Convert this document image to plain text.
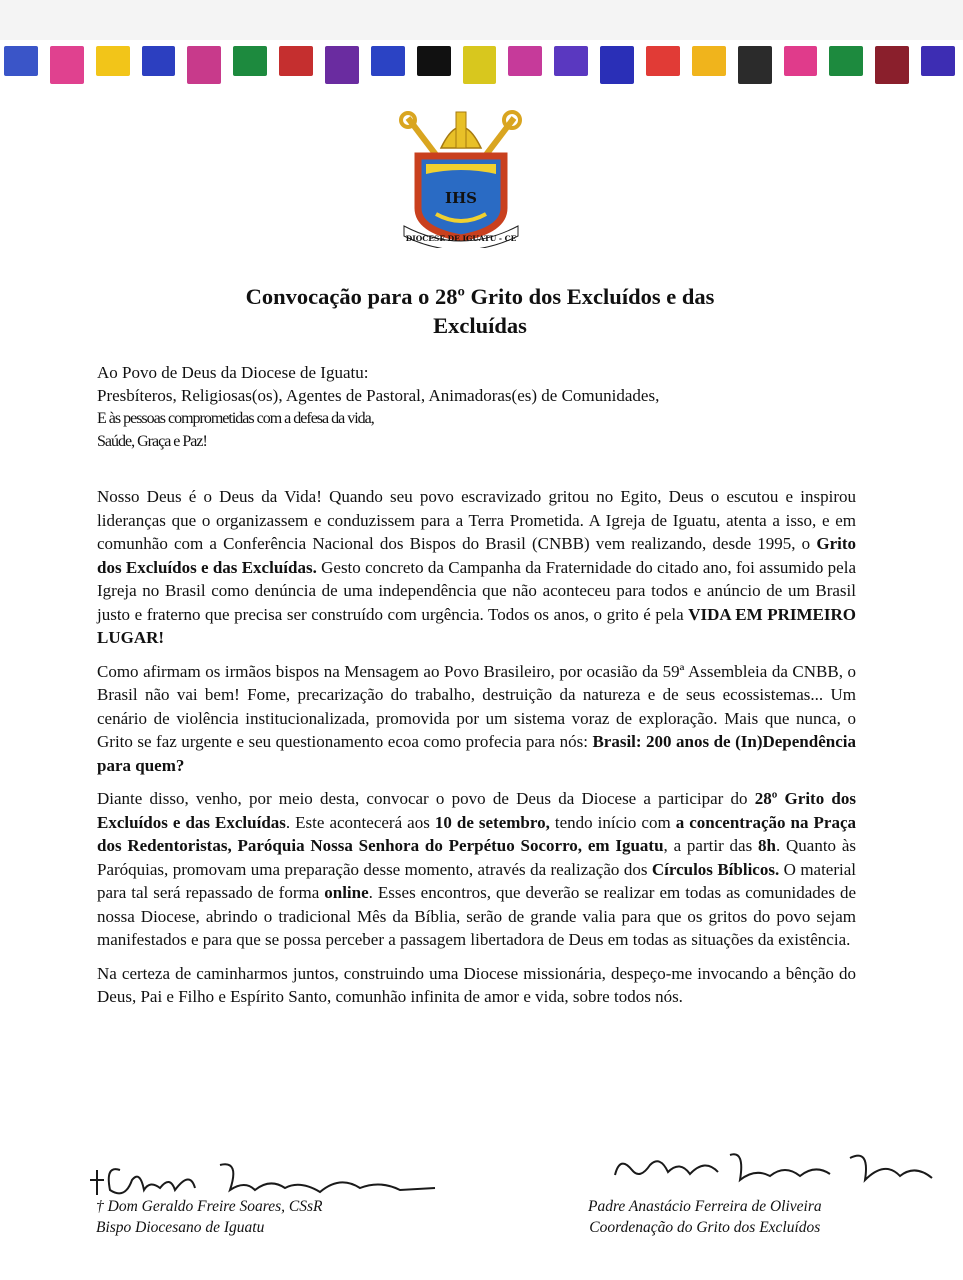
IHS
DIOCESE DE IGUATU - CE
Convocação para o 28º Grito dos Excluídos e das
Excluídas
Ao Povo de Deus da Diocese de Iguatu:
Presbíteros, Religiosas(os), Agentes de Pastoral, Animadoras(es) de Comunidades,
E às pessoas comprometidas com a defesa da vida,
Saúde, Graça e Paz!

Nosso Deus é o Deus da Vida! Quando seu povo escravizado gritou no Egito, Deus o escutou e inspirou lideranças que o organizassem e conduzissem para a Terra Prometida. A Igreja de Iguatu, atenta a isso, e em comunhão com a Conferência Nacional dos Bispos do Brasil (CNBB) vem realizando, desde 1995, o Grito dos Excluídos e das Excluídas. Gesto concreto da Campanha da Fraternidade do citado ano, foi assumido pela Igreja no Brasil como denúncia de uma independência que não aconteceu para todos e anúncio de um Brasil justo e fraterno que precisa ser construído com urgência. Todos os anos, o grito é pela VIDA EM PRIMEIRO LUGAR!

Como afirmam os irmãos bispos na Mensagem ao Povo Brasileiro, por ocasião da 59ª Assembleia da CNBB, o Brasil não vai bem! Fome, precarização do trabalho, destruição da natureza e de seus ecossistemas... Um cenário de violência institucionalizada, promovida por um sistema voraz de exploração. Mais que nunca, o Grito se faz urgente e seu questionamento ecoa como profecia para nós: Brasil: 200 anos de (In)Dependência para quem?

Diante disso, venho, por meio desta, convocar o povo de Deus da Diocese a participar do 28º Grito dos Excluídos e das Excluídas. Este acontecerá aos 10 de setembro, tendo início com a concentração na Praça dos Redentoristas, Paróquia Nossa Senhora do Perpétuo Socorro, em Iguatu, a partir das 8h. Quanto às Paróquias, promovam uma preparação desse momento, através da realização dos Círculos Bíblicos. O material para tal será repassado de forma online. Esses encontros, que deverão se realizar em todas as comunidades de nossa Diocese, abrindo o tradicional Mês da Bíblia, serão de grande valia para que os gritos do povo sejam manifestados e para que se possa perceber a passagem libertadora de Deus em todas as situações da existência.

Na certeza de caminharmos juntos, construindo uma Diocese missionária, despeço-me invocando a bênção do Deus, Pai e Filho e Espírito Santo, comunhão infinita de amor e vida, sobre todos nós.

† Dom Geraldo Freire Soares, CSsR
Bispo Diocesano de Iguatu
Padre Anastácio Ferreira de Oliveira
Coordenação do Grito dos Excluídos
